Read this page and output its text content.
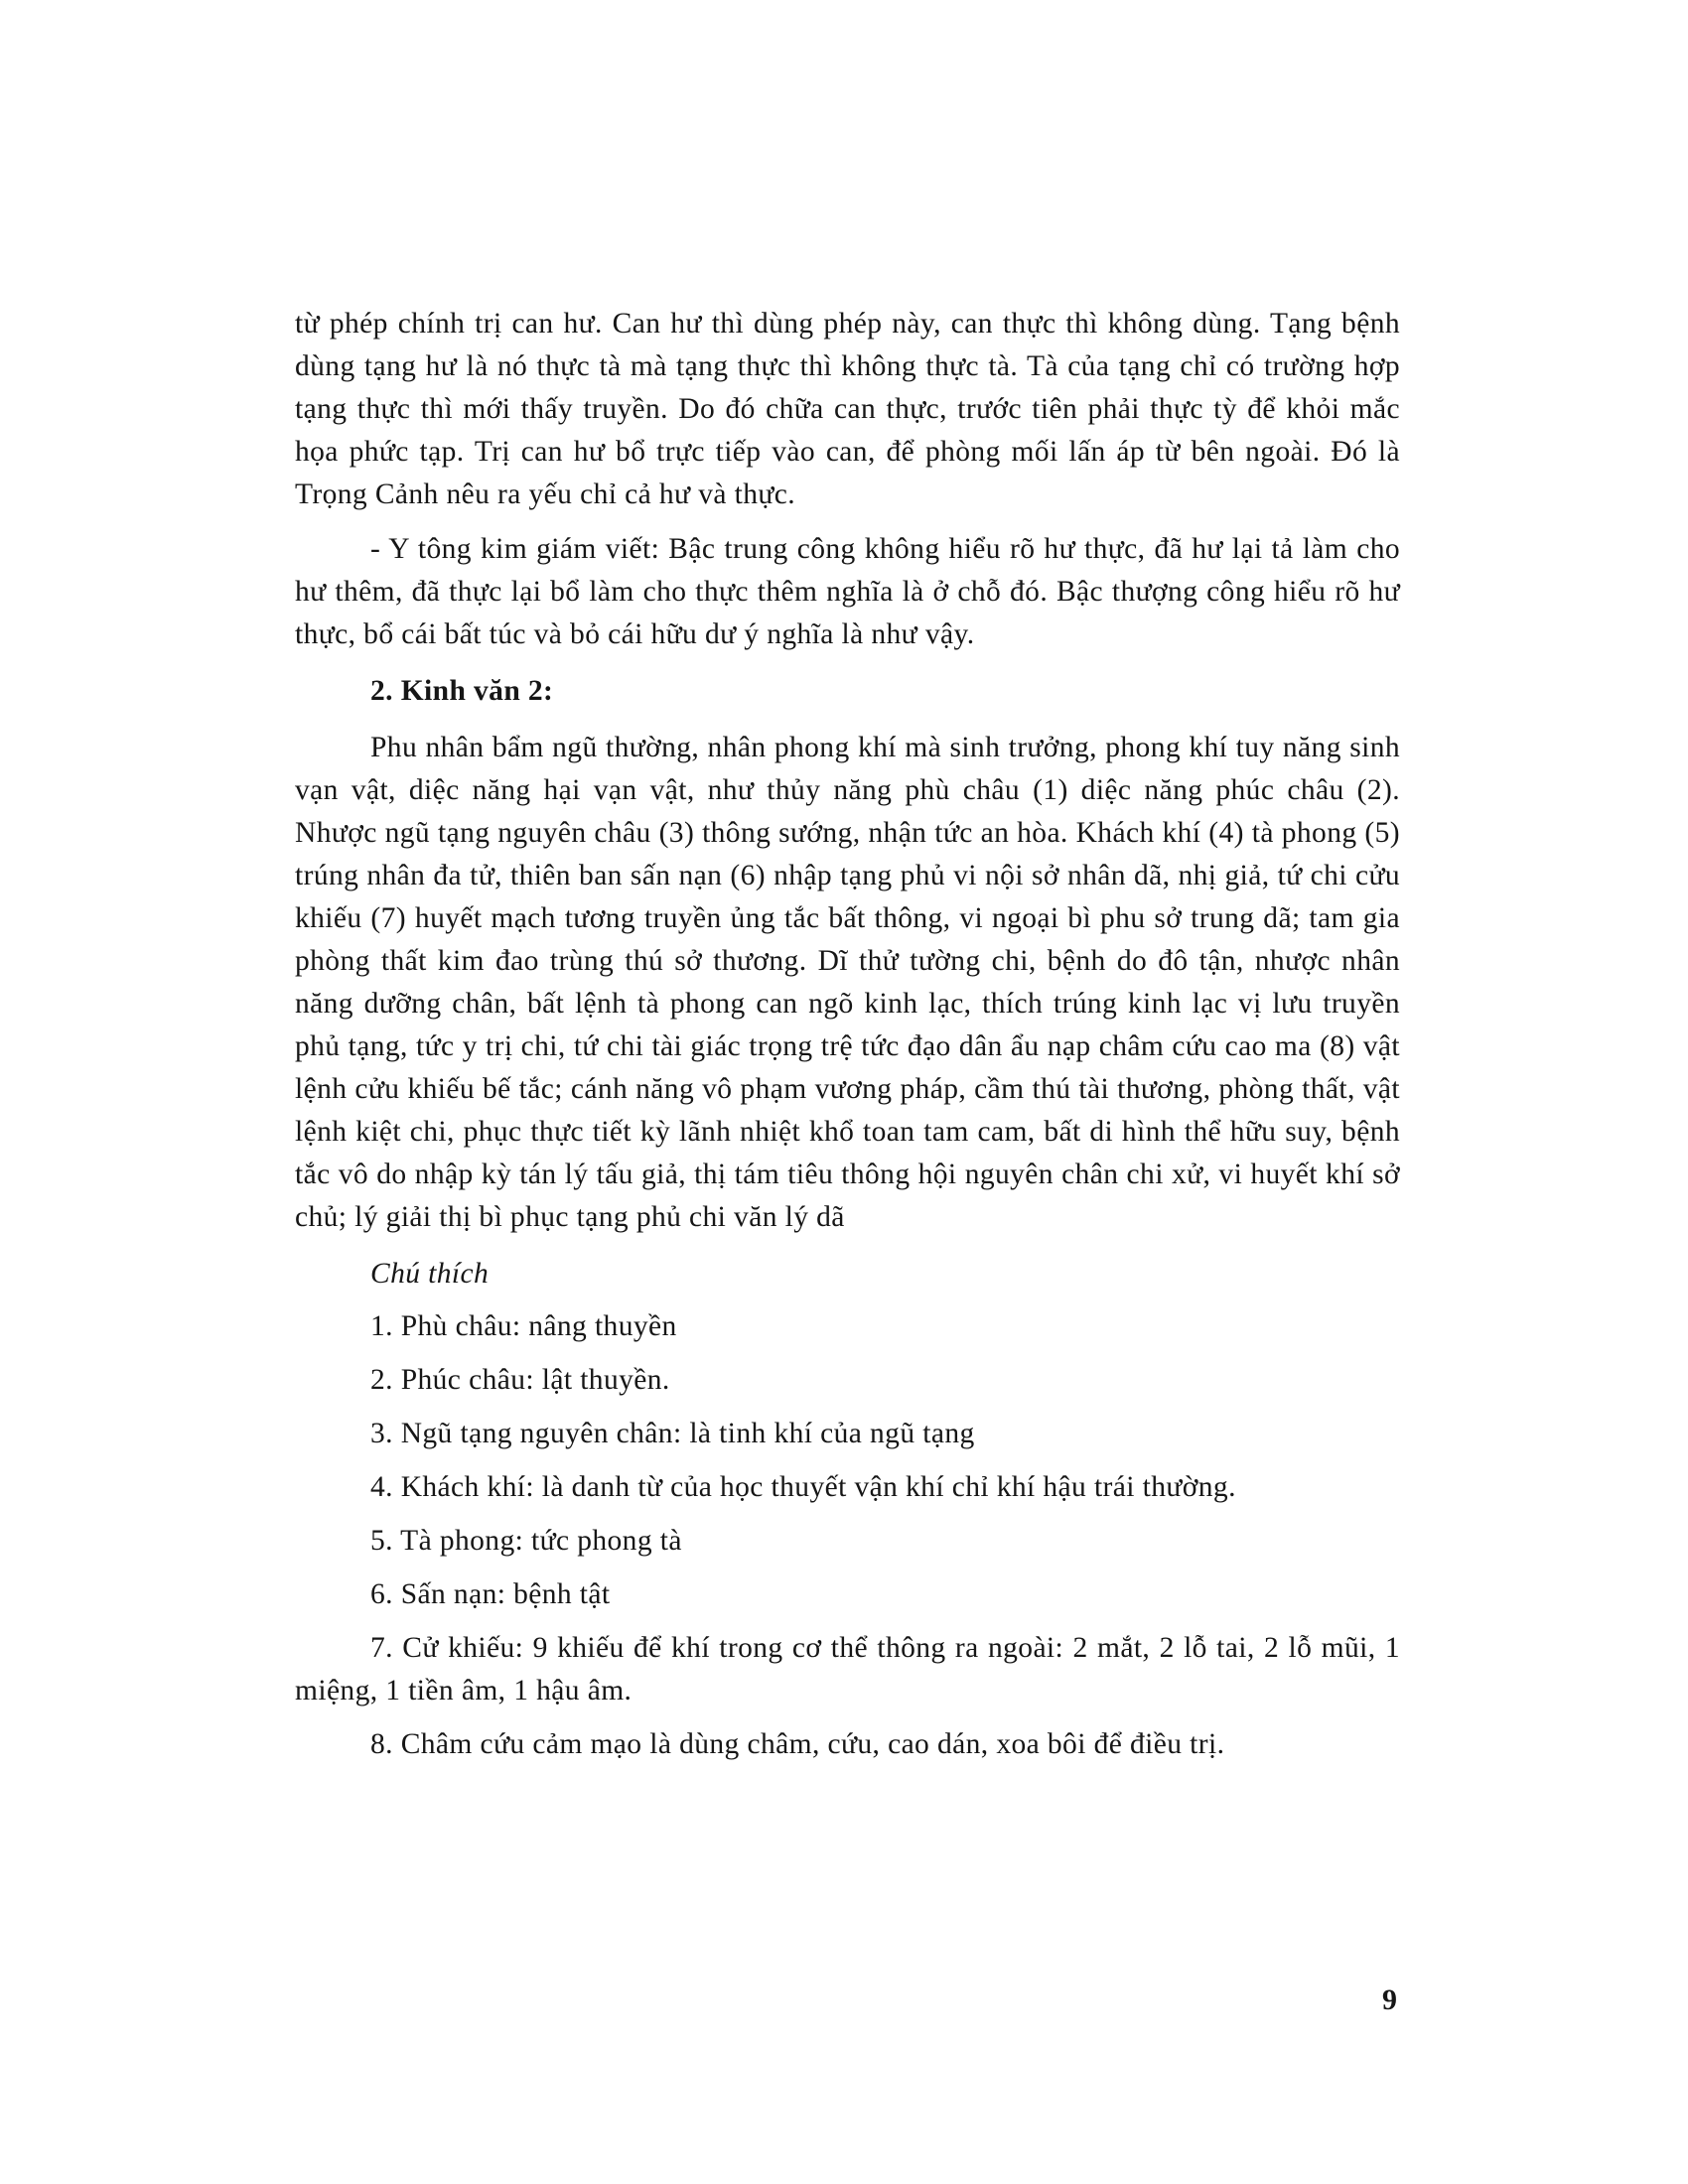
từ phép chính trị can hư. Can hư thì dùng phép này, can thực thì không dùng. Tạng bệnh dùng tạng hư là nó thực tà mà tạng thực thì không thực tà. Tà của tạng chỉ có trường hợp tạng thực thì mới thấy truyền. Do đó chữa can thực, trước tiên phải thực tỳ để khỏi mắc họa phức tạp. Trị can hư bổ trực tiếp vào can, để phòng mối lấn áp từ bên ngoài. Đó là Trọng Cảnh nêu ra yếu chỉ cả hư và thực.

- Y tông kim giám viết: Bậc trung công không hiểu rõ hư thực, đã hư lại tả làm cho hư thêm, đã thực lại bổ làm cho thực thêm nghĩa là ở chỗ đó. Bậc thượng công hiểu rõ hư thực, bổ cái bất túc và bỏ cái hữu dư ý nghĩa là như vậy.

2. Kinh văn 2:

Phu nhân bẩm ngũ thường, nhân phong khí mà sinh trưởng, phong khí tuy năng sinh vạn vật, diệc năng hại vạn vật, như thủy năng phù châu (1) diệc năng phúc châu (2). Nhược ngũ tạng nguyên châu (3) thông sướng, nhận tức an hòa. Khách khí (4) tà phong (5) trúng nhân đa tử, thiên ban sấn nạn (6) nhập tạng phủ vi nội sở nhân dã, nhị giả, tứ chi cửu khiếu (7) huyết mạch tương truyền ủng tắc bất thông, vi ngoại bì phu sở trung dã; tam gia phòng thất kim đao trùng thú sở thương. Dĩ thử tường chi, bệnh do đô tận, nhược nhân năng dưỡng chân, bất lệnh tà phong can ngõ kinh lạc, thích trúng kinh lạc vị lưu truyền phủ tạng, tức y trị chi, tứ chi tài giác trọng trệ tức đạo dân ẩu nạp châm cứu cao ma (8) vật lệnh cửu khiếu bế tắc; cánh năng vô phạm vương pháp, cầm thú tài thương, phòng thất, vật lệnh kiệt chi, phục thực tiết kỳ lãnh nhiệt khổ toan tam cam, bất di hình thể hữu suy, bệnh tắc vô do nhập kỳ tán lý tấu giả, thị tám tiêu thông hội nguyên chân chi xử, vi huyết khí sở chủ; lý giải thị bì phục tạng phủ chi văn lý dã

Chú thích

1. Phù châu: nâng thuyền

2. Phúc châu: lật thuyền.

3. Ngũ tạng nguyên chân: là tinh khí của ngũ tạng

4. Khách khí: là danh từ của học thuyết vận khí chỉ khí hậu trái thường.

5. Tà phong: tức phong tà

6. Sấn nạn: bệnh tật

7. Cử khiếu: 9 khiếu để khí trong cơ thể thông ra ngoài: 2 mắt, 2 lỗ tai, 2 lỗ mũi, 1 miệng, 1 tiền âm, 1 hậu âm.

8. Châm cứu cảm mạo là dùng châm, cứu, cao dán, xoa bôi để điều trị.

9
